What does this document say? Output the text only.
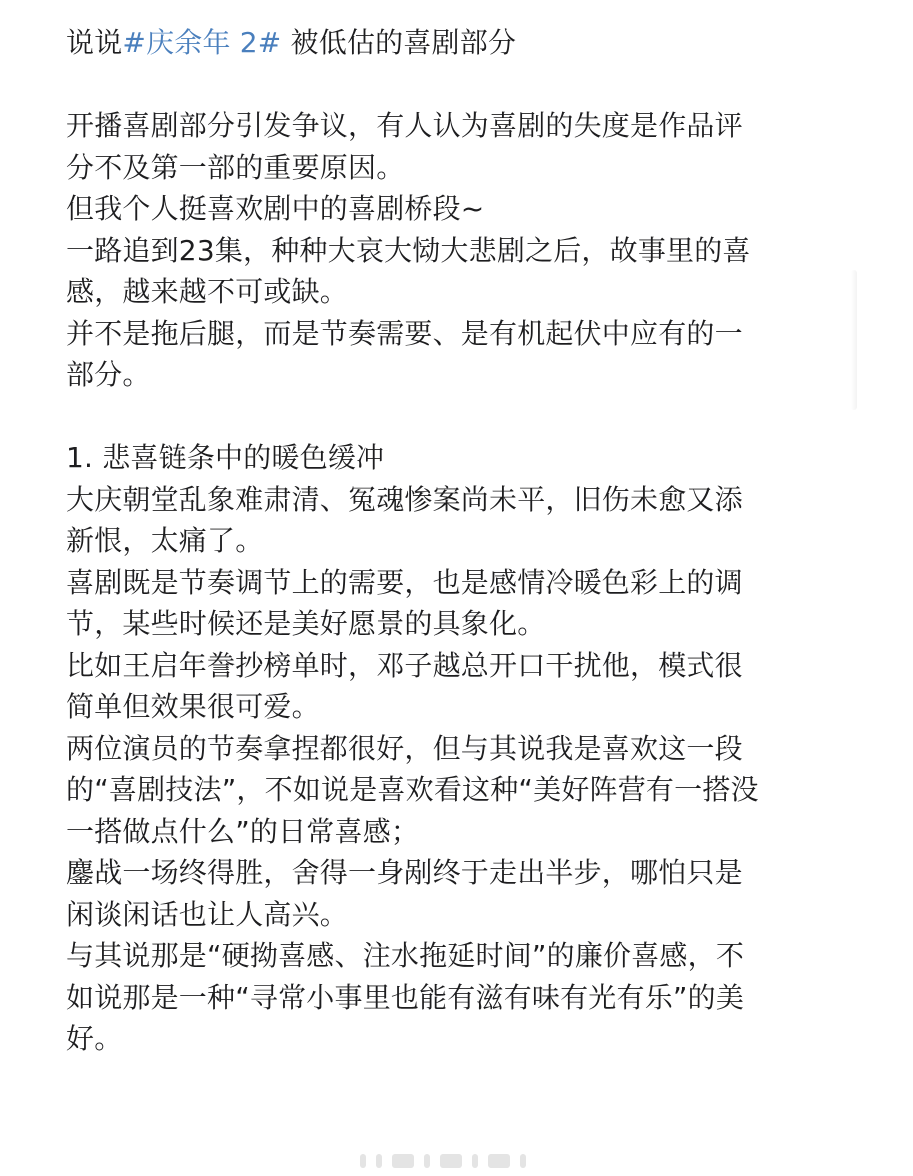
说说#庆余年 2# 被低估的喜剧部分
开播喜剧部分引发争议，有人认为喜剧的失度是作品评
分不及第一部的重要原因。
但我个人挺喜欢剧中的喜剧桥段~
一路追到23集，种种大哀大恸大悲剧之后，故事里的喜
感，越来越不可或缺。
并不是拖后腿，而是节奏需要、是有机起伏中应有的一
部分。
1. 悲喜链条中的暖色缓冲
大庆朝堂乱象难肃清、冤魂惨案尚未平，旧伤未愈又添
新恨，太痛了。
喜剧既是节奏调节上的需要，也是感情冷暖色彩上的调
节，某些时候还是美好愿景的具象化。
比如王启年誊抄榜单时，邓子越总开口干扰他，模式很
简单但效果很可爱。
两位演员的节奏拿捏都很好，但与其说我是喜欢这一段
的“喜剧技法”，不如说是喜欢看这种“美好阵营有一搭没
一搭做点什么”的日常喜感；
鏖战一场终得胜，舍得一身剐终于走出半步，哪怕只是
闲谈闲话也让人高兴。
与其说那是“硬拗喜感、注水拖延时间”的廉价喜感，不
如说那是一种“寻常小事里也能有滋有味有光有乐”的美
好。
